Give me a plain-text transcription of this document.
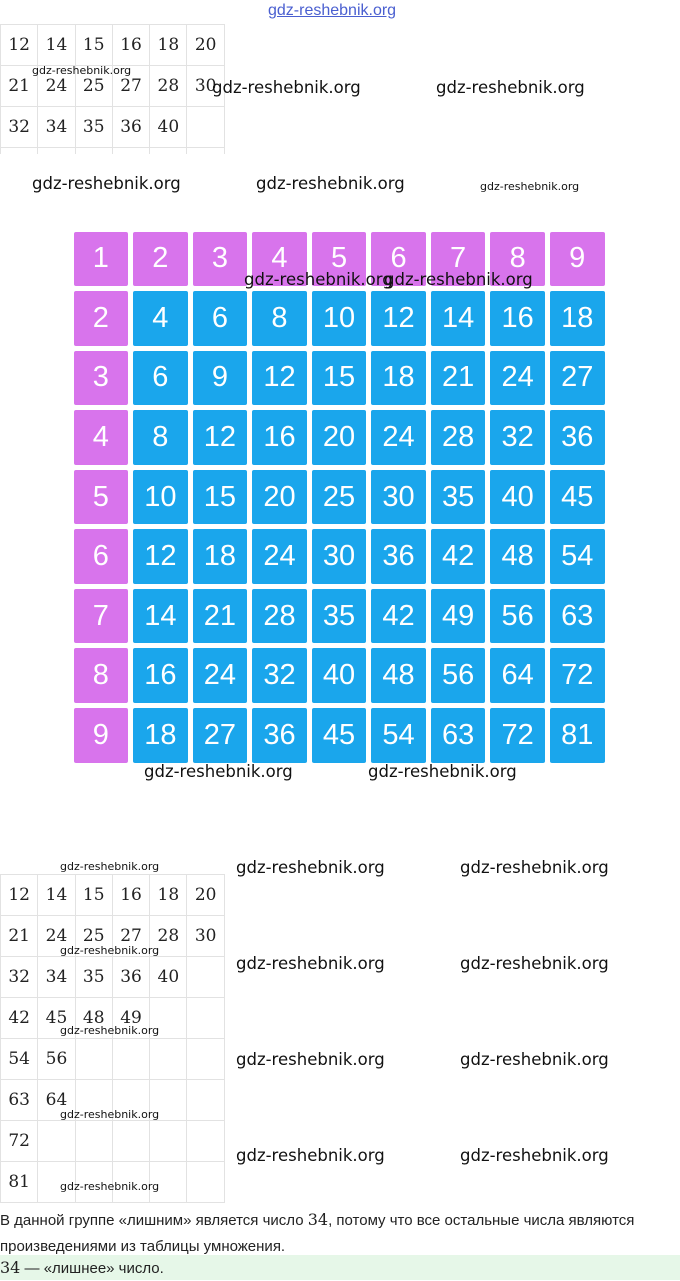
gdz-reshebnik.org
12	14	15	16	18	20
21	24	25	27	28	30
32	34	35	36	40	

gdz-reshebnik.org
gdz-reshebnik.org	gdz-reshebnik.org
gdz-reshebnik.org	gdz-reshebnik.org	gdz-reshebnik.org
1	2	3	4	5	6	7	8	9
2	4	6	8	10 12 14 16 18
3	6	9	12 15 18 21 24 27
4	8	12 16 20 24 28 32 36
5	10 15 20 25 30 35 40 45
6	12 18 24 30 36 42 48 54
7	14 21 28 35 42 49 56 63
8	16 24 32 40 48 56 64 72
9	18 27 36 45 54 63 72 81
gdz-reshebnik.org
gdz-reshebnik.org
gdz-reshebnik.org	gdz-reshebnik.org
12	14	15	16	18	20
21	24	25	27	28	30
32	34	35	36	40	
42	45	48	49		
54	56				
63	64				
72					
81					
gdz-reshebnik.org	gdz-reshebnik.org	gdz-reshebnik.org
gdz-reshebnik.org
gdz-reshebnik.org	gdz-reshebnik.org
gdz-reshebnik.org
gdz-reshebnik.org	gdz-reshebnik.org
gdz-reshebnik.org
gdz-reshebnik.org	gdz-reshebnik.org
gdz-reshebnik.org
В данной группе «лишним» является число 34, потому что все остальные числа являются произведениями из таблицы умножения.
34 — «лишнее» число.
